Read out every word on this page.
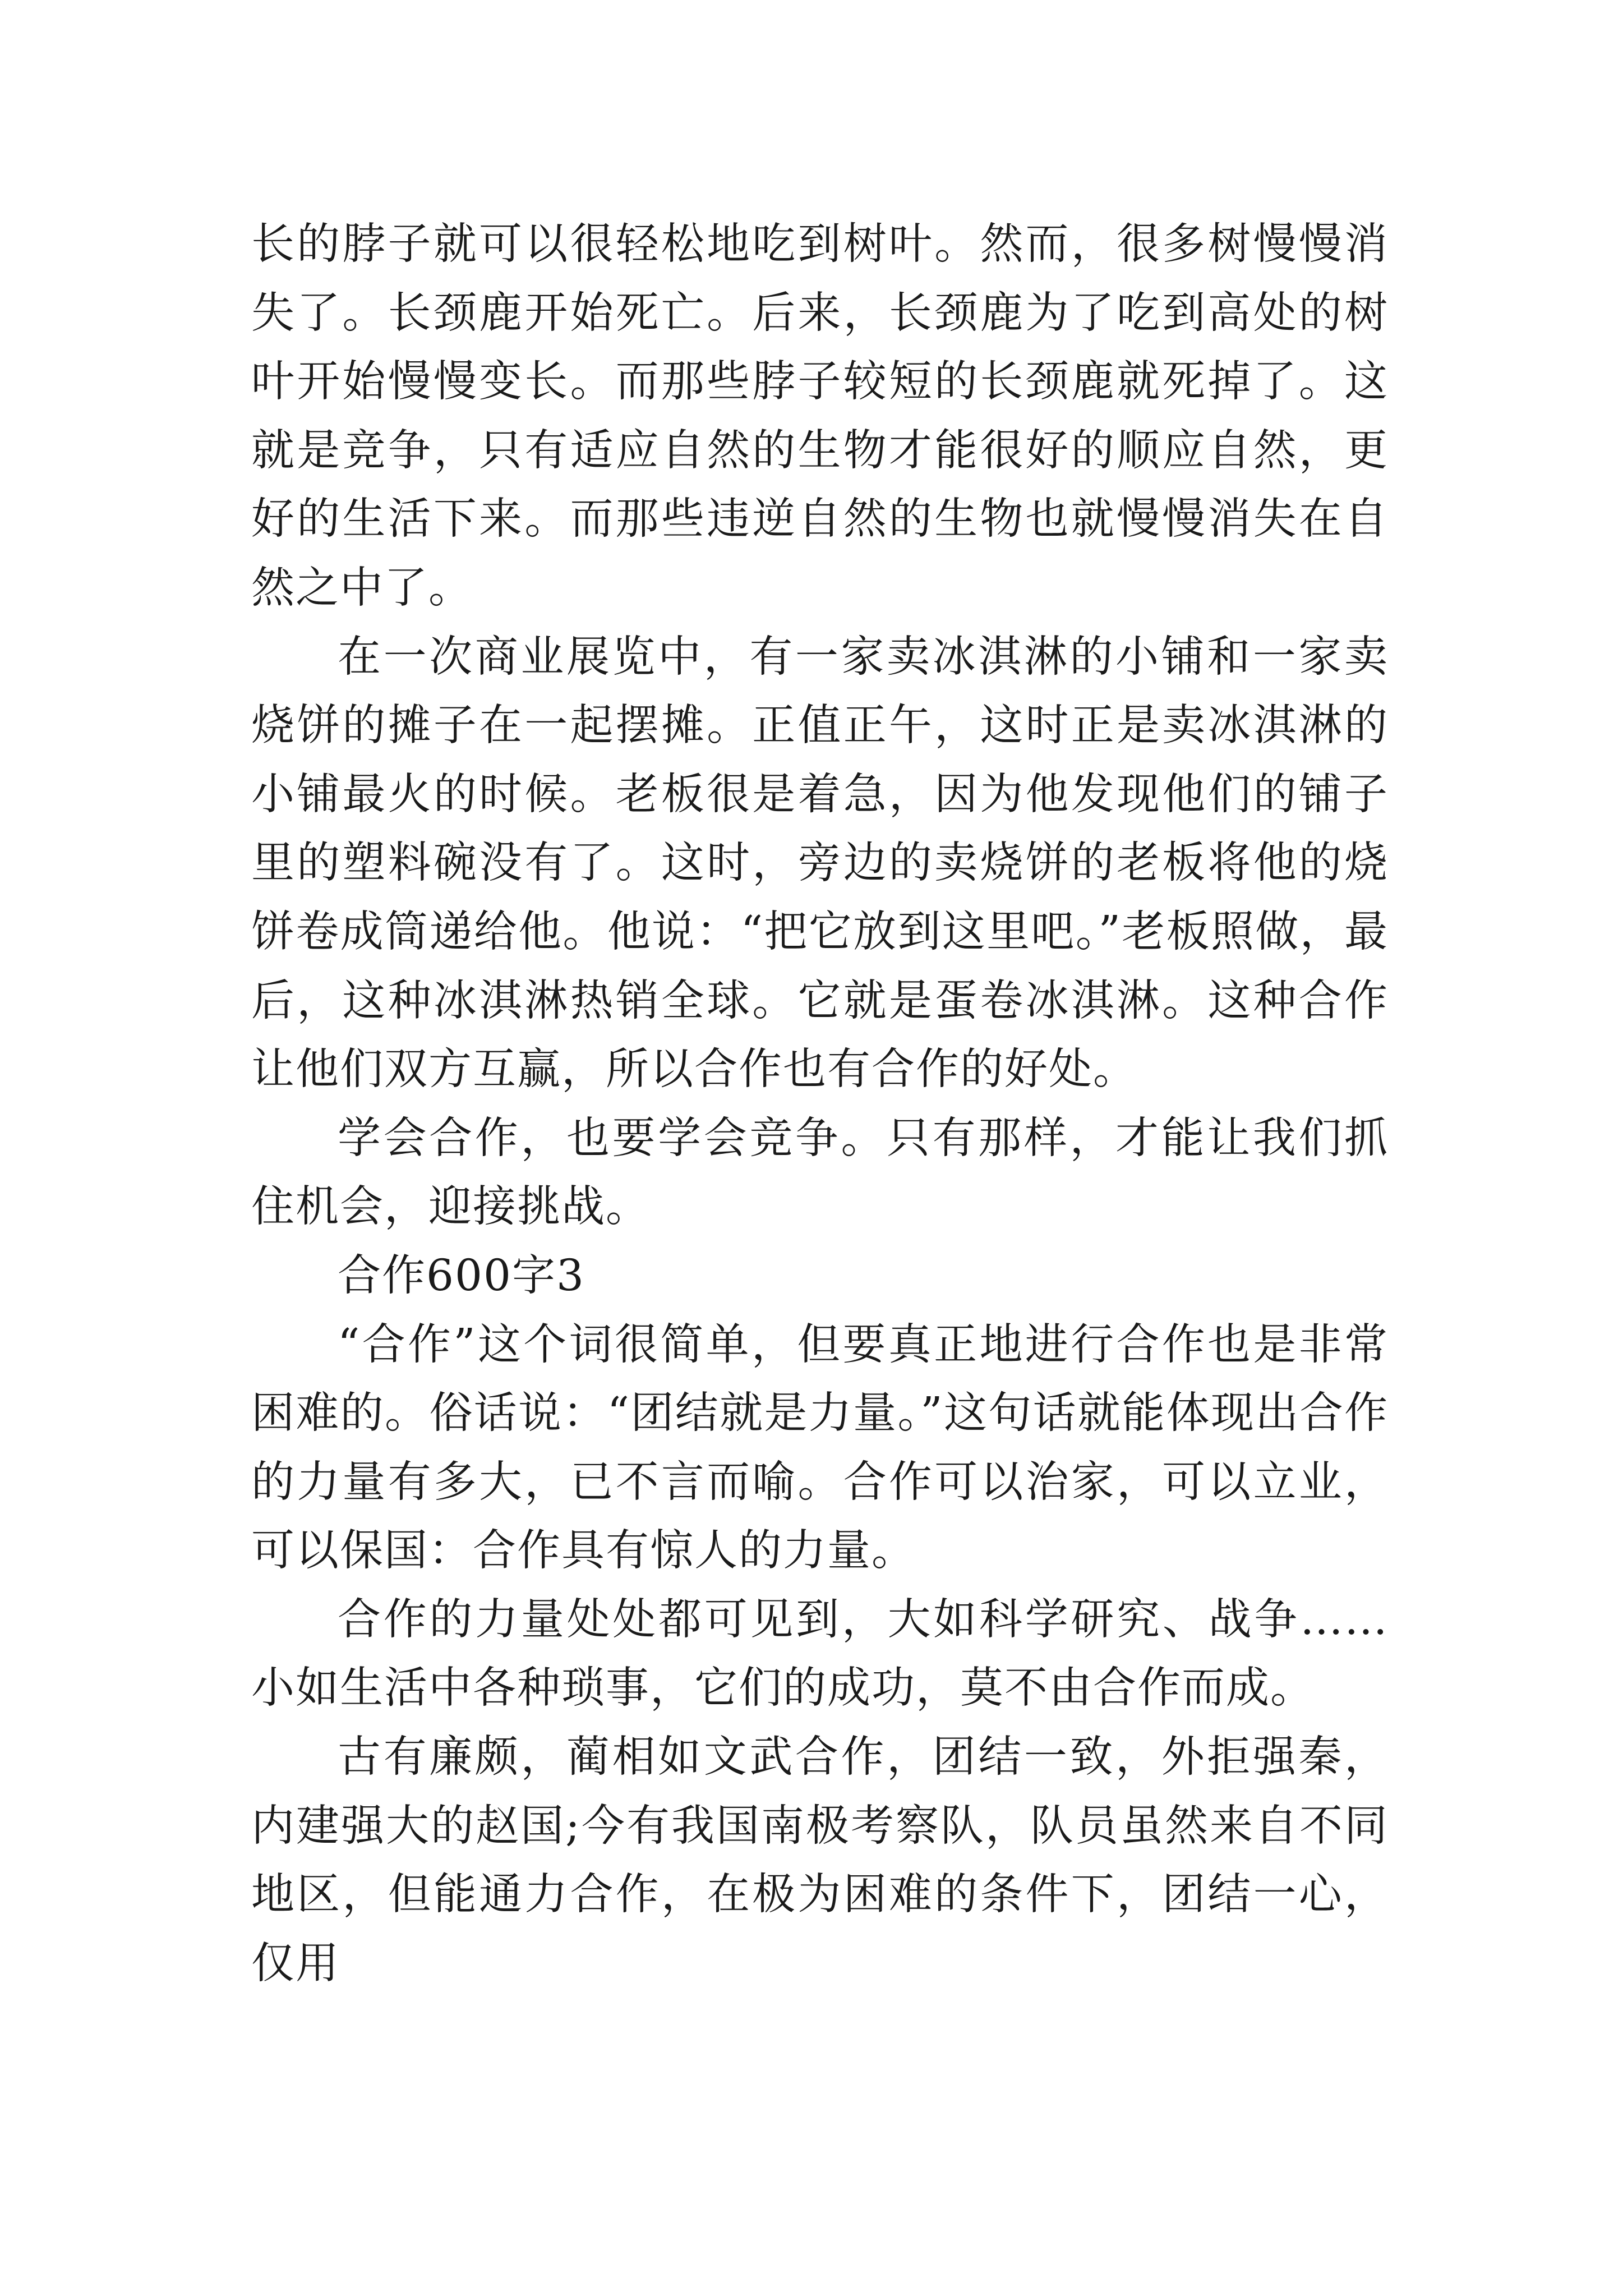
长的脖子就可以很轻松地吃到树叶。然而，很多树慢慢消失了。长颈鹿开始死亡。后来，长颈鹿为了吃到高处的树叶开始慢慢变长。而那些脖子较短的长颈鹿就死掉了。这就是竞争，只有适应自然的生物才能很好的顺应自然，更好的生活下来。而那些违逆自然的生物也就慢慢消失在自然之中了。

在一次商业展览中，有一家卖冰淇淋的小铺和一家卖烧饼的摊子在一起摆摊。正值正午，这时正是卖冰淇淋的小铺最火的时候。老板很是着急，因为他发现他们的铺子里的塑料碗没有了。这时，旁边的卖烧饼的老板将他的烧饼卷成筒递给他。他说：“把它放到这里吧。”老板照做，最后，这种冰淇淋热销全球。它就是蛋卷冰淇淋。这种合作让他们双方互赢，所以合作也有合作的好处。

学会合作，也要学会竞争。只有那样，才能让我们抓住机会，迎接挑战。

合作600字3

“合作”这个词很简单，但要真正地进行合作也是非常困难的。俗话说：“团结就是力量。”这句话就能体现出合作的力量有多大，已不言而喻。合作可以治家，可以立业，可以保国：合作具有惊人的力量。

合作的力量处处都可见到，大如科学研究、战争……小如生活中各种琐事，它们的成功，莫不由合作而成。

古有廉颇，蔺相如文武合作，团结一致，外拒强秦，内建强大的赵国;今有我国南极考察队，队员虽然来自不同地区，但能通力合作，在极为困难的条件下，团结一心，仅用
